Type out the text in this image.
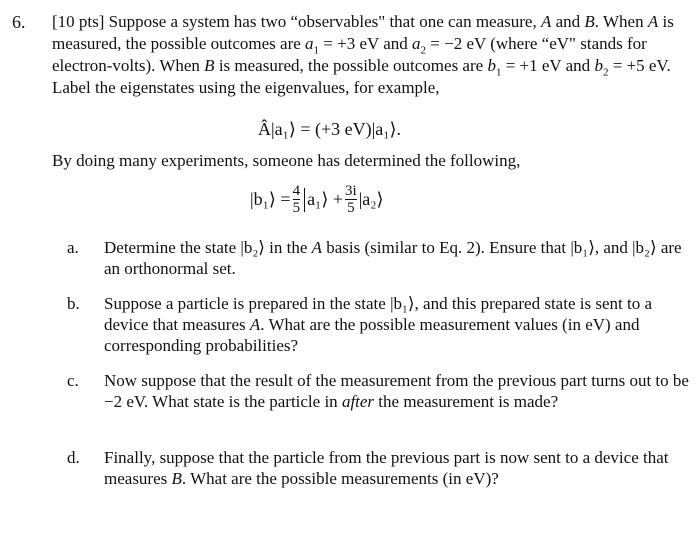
6. [10 pts] Suppose a system has two “observables" that one can measure, A and B. When A is measured, the possible outcomes are $a_1 = +3$ eV and $a_2 = -2$ eV (where “eV" stands for electron-volts). When B is measured, the possible outcomes are $b_1 = +1$ eV and $b_2 = +5$ eV. Label the eigenstates using the eigenvalues, for example,

Â|a₁⟩ = (+3 eV)|a₁⟩.

By doing many experiments, someone has determined the following,

|b₁⟩ = $\frac{4}{5}$ a₁⟩ + $\frac{3i}{5}$ |a₂⟩
a. Determine the state |b₂⟩ in the A basis (similar to Eq. 2). Ensure that |b₁⟩, and |b₂⟩ are an orthonormal set.

b. Suppose a particle is prepared in the state |b₁⟩, and this prepared state is sent to a device that measures A. What are the possible measurement values (in eV) and corresponding probabilities?

c. Now suppose that the result of the measurement from the previous part turns out to be −2 eV. What state is the particle in after the measurement is made?

d. Finally, suppose that the particle from the previous part is now sent to a device that measures B. What are the possible measurements (in eV)?
